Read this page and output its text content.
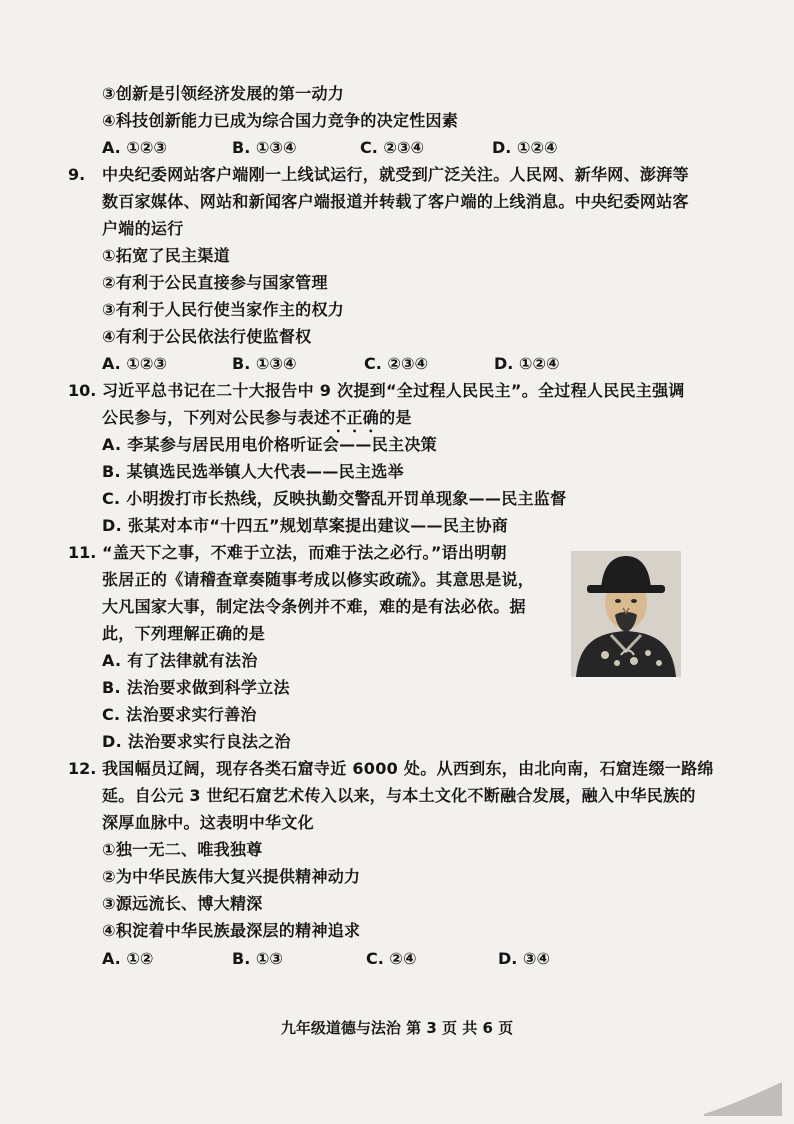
③创新是引领经济发展的第一动力
④科技创新能力已成为综合国力竞争的决定性因素
A. ①②③	B. ①③④	C. ②③④	D. ①②④
9. 中央纪委网站客户端刚一上线试运行，就受到广泛关注。人民网、新华网、澎湃等
数百家媒体、网站和新闻客户端报道并转载了客户端的上线消息。中央纪委网站客
户端的运行
①拓宽了民主渠道
②有利于公民直接参与国家管理
③有利于人民行使当家作主的权力
④有利于公民依法行使监督权
A. ①②③	B. ①③④	C. ②③④	D. ①②④
10. 习近平总书记在二十大报告中 9 次提到“全过程人民民主”。全过程人民民主强调
公民参与，下列对公民参与表述不正确的是
A. 李某参与居民用电价格听证会——民主决策
B. 某镇选民选举镇人大代表——民主选举
C. 小明拨打市长热线，反映执勤交警乱开罚单现象——民主监督
D. 张某对本市“十四五”规划草案提出建议——民主协商
11. “盖天下之事，不难于立法，而难于法之必行。”语出明朝
张居正的《请稽查章奏随事考成以修实政疏》。其意思是说，
大凡国家大事，制定法令条例并不难，难的是有法必依。据
此，下列理解正确的是
A. 有了法律就有法治
B. 法治要求做到科学立法
C. 法治要求实行善治
D. 法治要求实行良法之治
12. 我国幅员辽阔，现存各类石窟寺近 6000 处。从西到东，由北向南，石窟连缀一路绵
延。自公元 3 世纪石窟艺术传入以来，与本土文化不断融合发展，融入中华民族的
深厚血脉中。这表明中华文化
①独一无二、唯我独尊
②为中华民族伟大复兴提供精神动力
③源远流长、博大精深
④积淀着中华民族最深层的精神追求
A. ①②	B. ①③	C. ②④	D. ③④
九年级道德与法治 第 3 页 共 6 页
